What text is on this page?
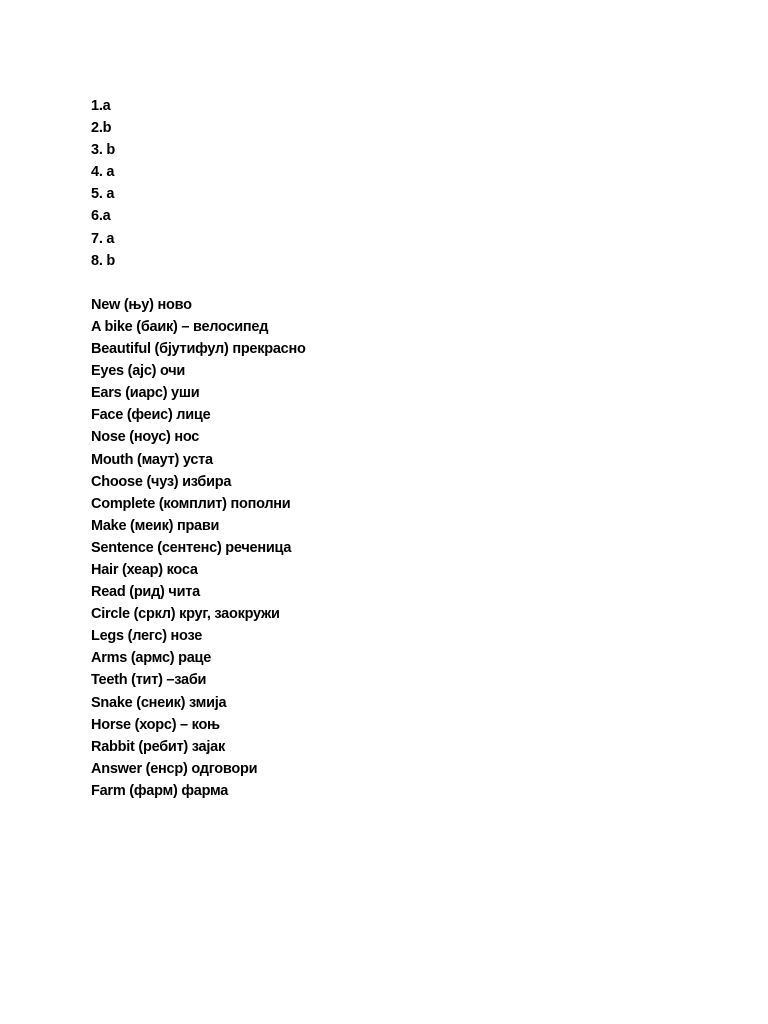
1.a
2.b
3. b
4. a
5. a
6.a
7. a
8. b
New (њу) ново
A bike (баик) – велосипед
Beautiful (бјутифул) прекрасно
Eyes (ајс) очи
Ears (иарс) уши
Face (феис) лице
Nose (ноус) нос
Mouth (маут) уста
Choose (чуз) избира
Complete (комплит) пополни
Make (меик) прави
Sentence (сентенс) реченица
Hair (хеар) коса
Read (рид) чита
Circle (сркл) круг, заокружи
Legs (легс) нозе
Arms (армс) раце
Teeth (тит) –заби
Snake (снеик) змија
Horse (хорс) – коњ
Rabbit (ребит) зајак
Answer (енср) одговори
Farm (фарм) фарма
